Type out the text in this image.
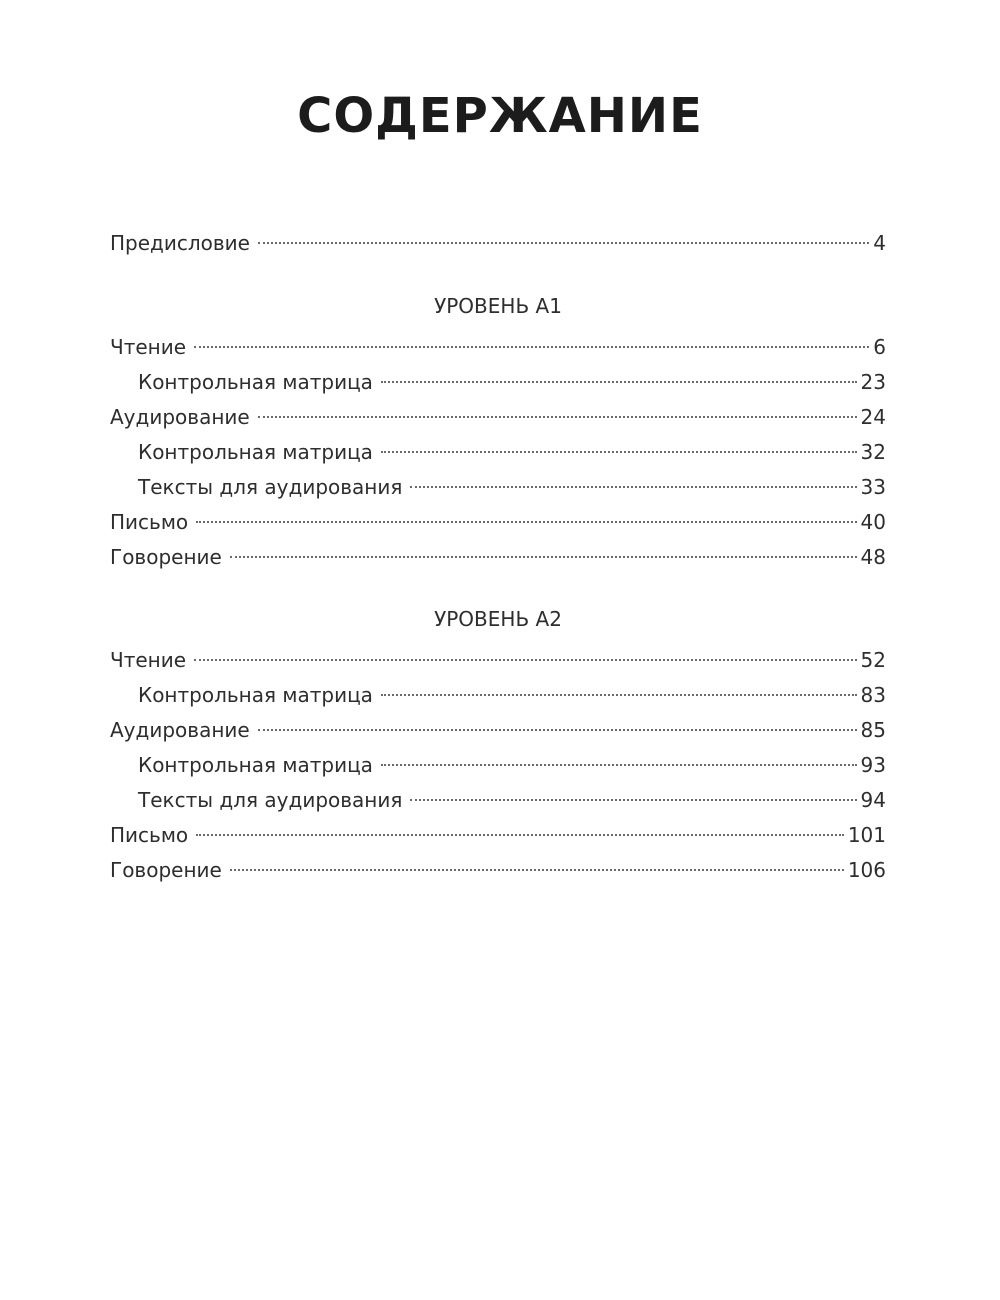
СОДЕРЖАНИЕ
Предисловие	4
УРОВЕНЬ А1
Чтение	6
Контрольная матрица	23
Аудирование	24
Контрольная матрица	32
Тексты для аудирования	33
Письмо	40
Говорение	48
УРОВЕНЬ А2
Чтение	52
Контрольная матрица	83
Аудирование	85
Контрольная матрица	93
Тексты для аудирования	94
Письмо	101
Говорение	106
